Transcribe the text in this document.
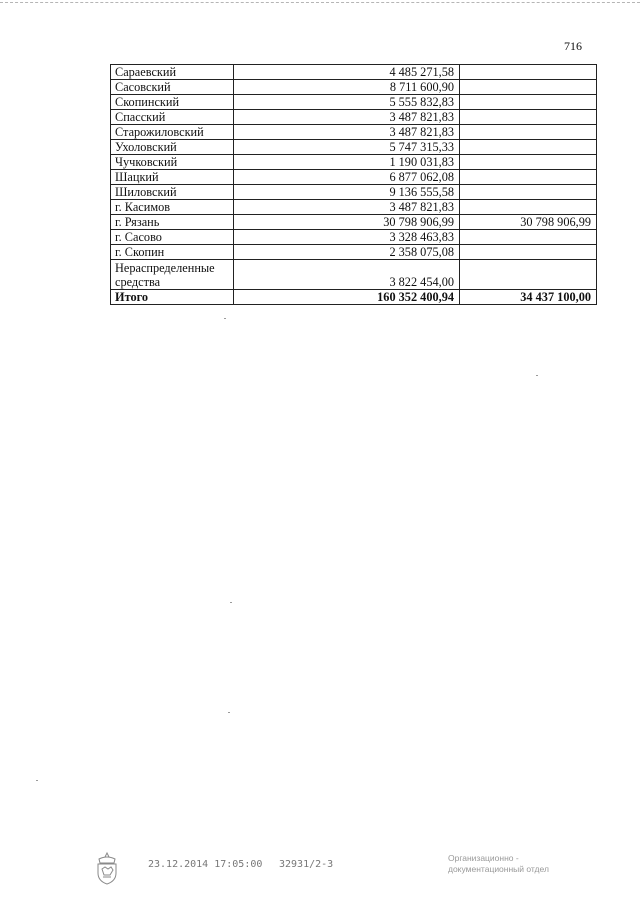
716
Сараевский	4 485 271,58	
Сасовский	8 711 600,90	
Скопинский	5 555 832,83	
Спасский	3 487 821,83	
Старожиловский	3 487 821,83	
Ухоловский	5 747 315,33	
Чучковский	1 190 031,83	
Шацкий	6 877 062,08	
Шиловский	9 136 555,58	
г. Касимов	3 487 821,83	
г. Рязань	30 798 906,99	30 798 906,99
г. Сасово	3 328 463,83	
г. Скопин	2 358 075,08	
Нераспределенные средства	3 822 454,00	
Итого	160 352 400,94	34 437 100,00
23.12.2014 17:05:00 32931/2-3
Организационно -
документационный отдел
